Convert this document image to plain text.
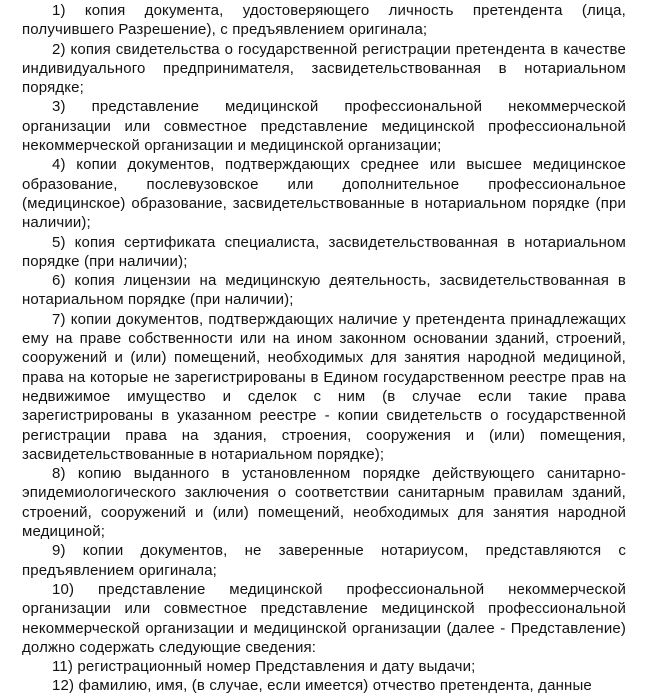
1) копия документа, удостоверяющего личность претендента (лица, получившего Разрешение), с предъявлением оригинала;

2) копия свидетельства о государственной регистрации претендента в качестве индивидуального предпринимателя, засвидетельствованная в нотариальном порядке;

3) представление медицинской профессиональной некоммерческой организации или совместное представление медицинской профессиональной некоммерческой организации и медицинской организации;

4) копии документов, подтверждающих среднее или высшее медицинское образование, послевузовское или дополнительное профессиональное (медицинское) образование, засвидетельствованные в нотариальном порядке (при наличии);

5) копия сертификата специалиста, засвидетельствованная в нотариальном порядке (при наличии);

6) копия лицензии на медицинскую деятельность, засвидетельствованная в нотариальном порядке (при наличии);

7) копии документов, подтверждающих наличие у претендента принадлежащих ему на праве собственности или на ином законном основании зданий, строений, сооружений и (или) помещений, необходимых для занятия народной медициной, права на которые не зарегистрированы в Едином государственном реестре прав на недвижимое имущество и сделок с ним (в случае если такие права зарегистрированы в указанном реестре - копии свидетельств о государственной регистрации права на здания, строения, сооружения и (или) помещения, засвидетельствованные в нотариальном порядке);

8) копию выданного в установленном порядке действующего санитарно-эпидемиологического заключения о соответствии санитарным правилам зданий, строений, сооружений и (или) помещений, необходимых для занятия народной медициной;

9) копии документов, не заверенные нотариусом, представляются с предъявлением оригинала;

10) представление медицинской профессиональной некоммерческой организации или совместное представление медицинской профессиональной некоммерческой организации и медицинской организации (далее - Представление) должно содержать следующие сведения:

11) регистрационный номер Представления и дату выдачи;

12) фамилию, имя, (в случае, если имеется) отчество претендента, данные
